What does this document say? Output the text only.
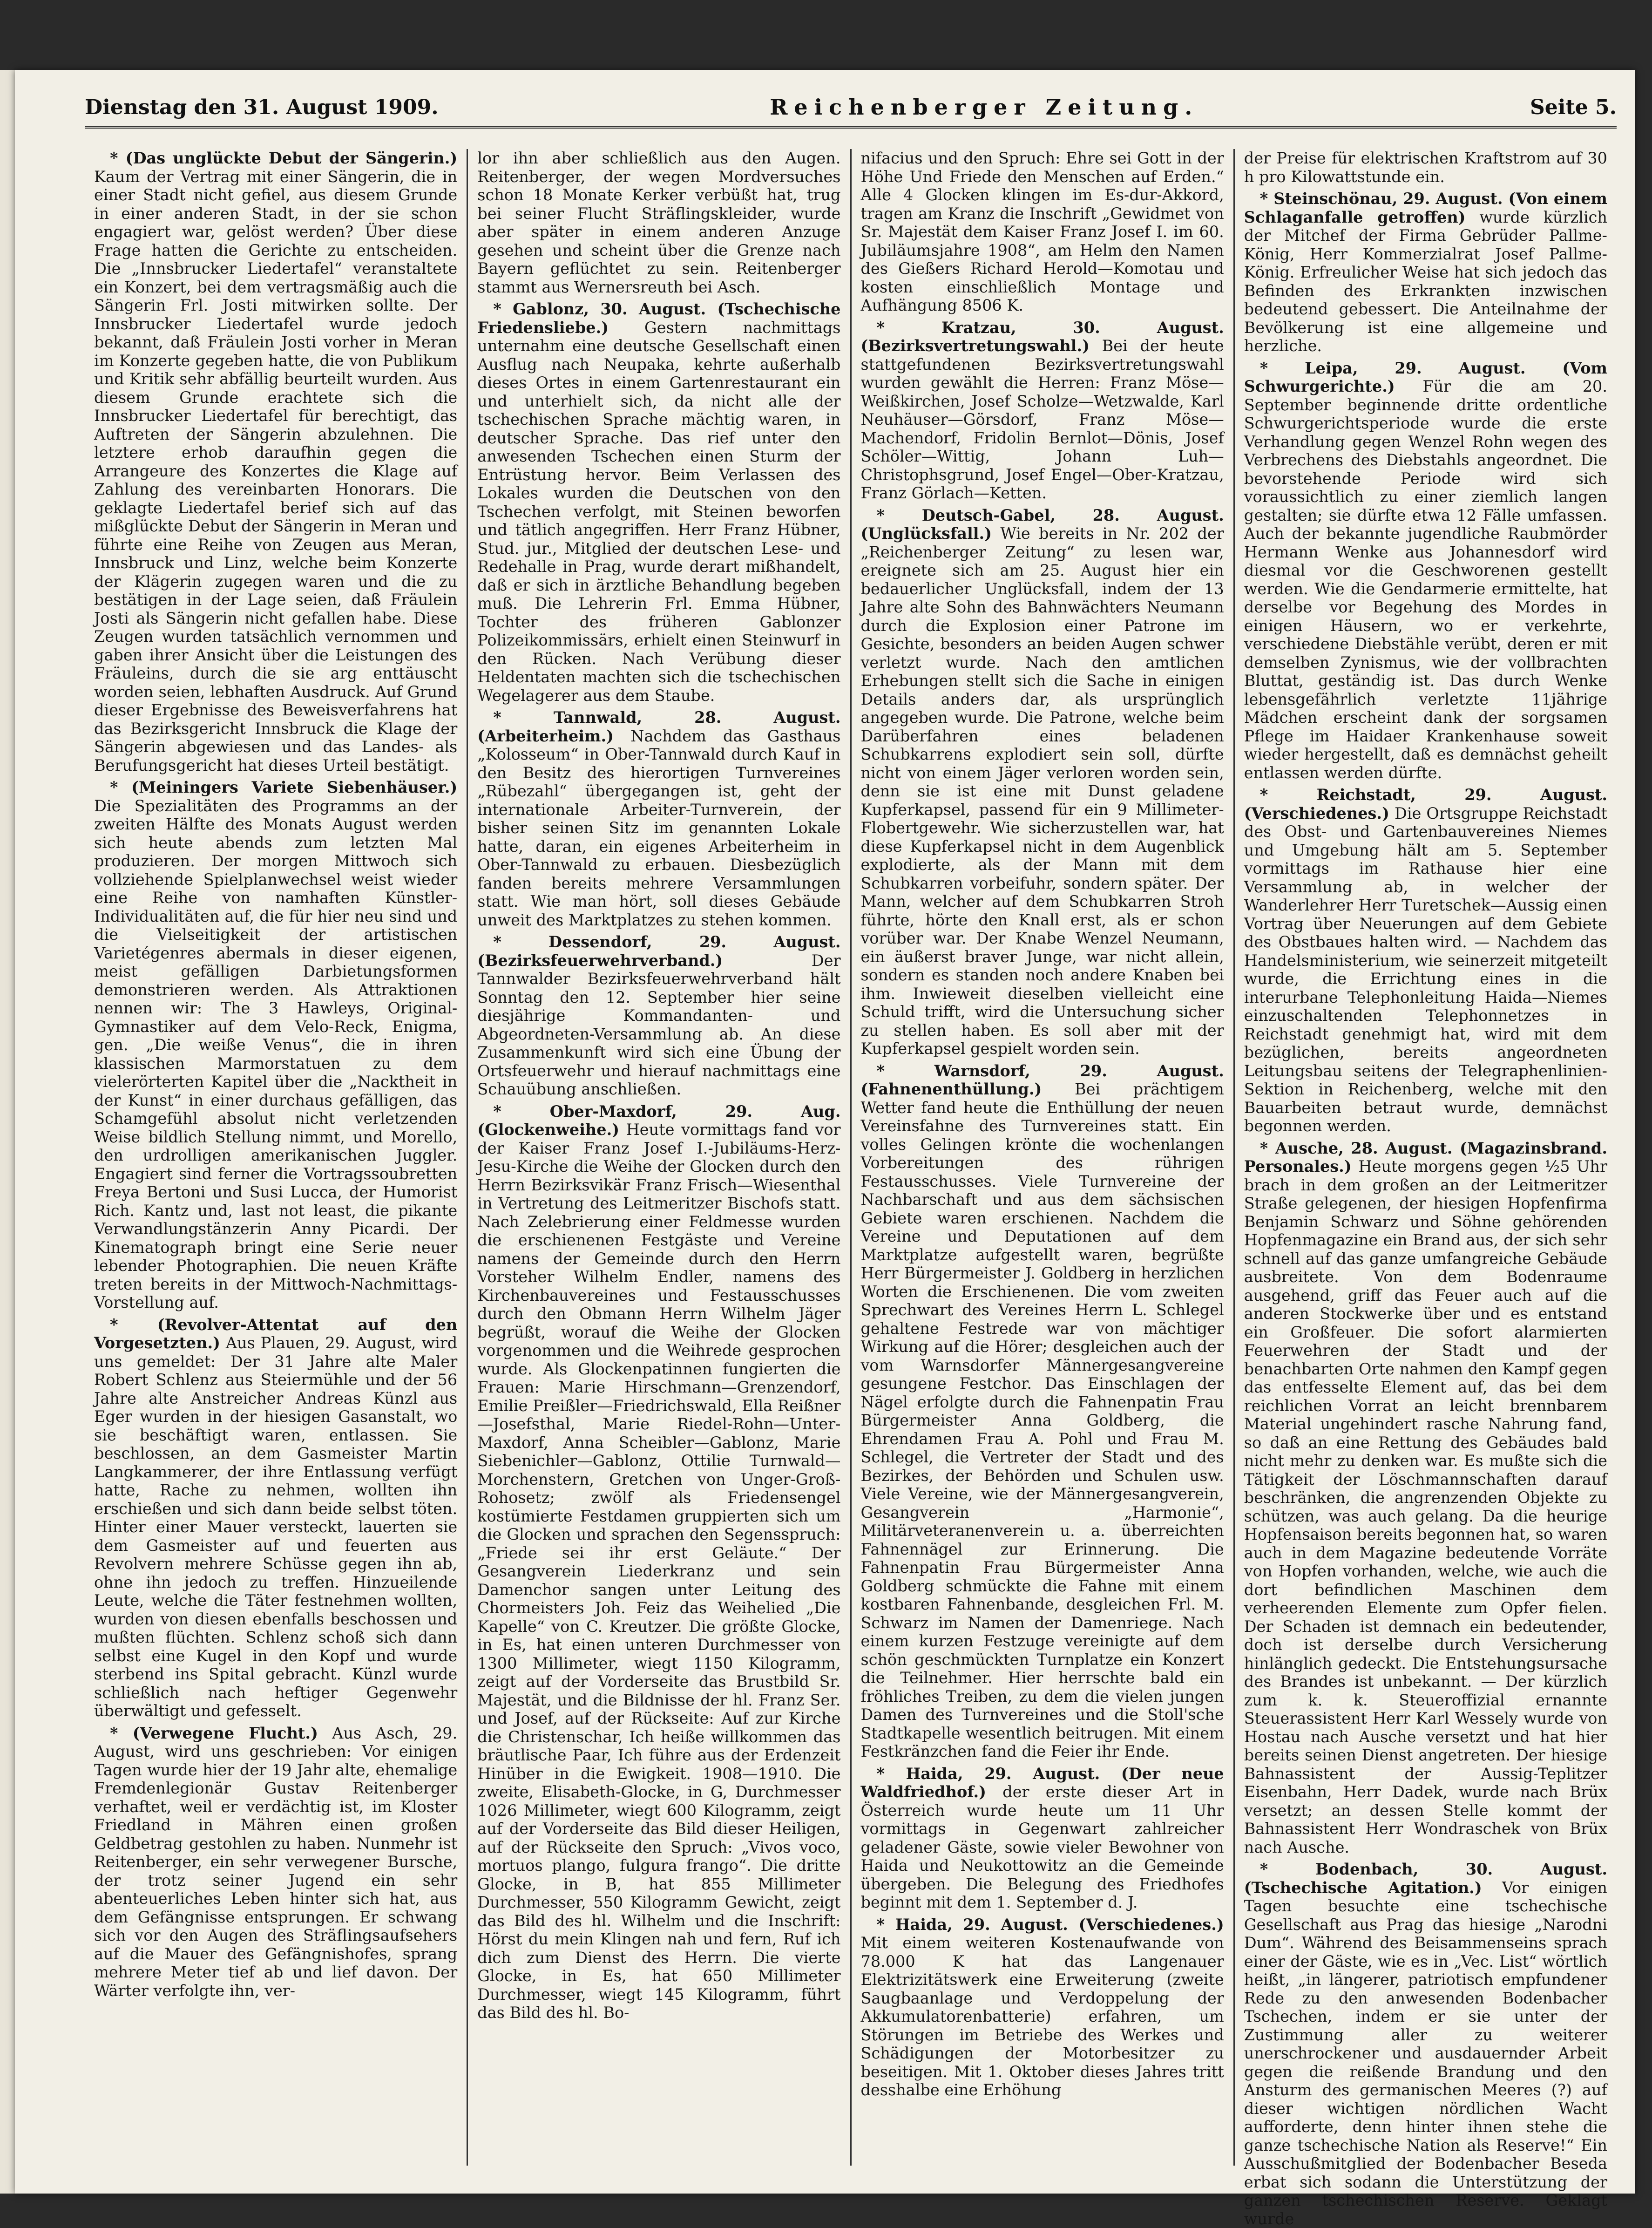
Dienstag den 31. August 1909.	Reichenberger Zeitung.	Seite 5.

* (Das unglückte Debut der Sängerin.) Kaum der Vertrag mit einer Sängerin, die in einer Stadt nicht gefiel, aus diesem Grunde in einer anderen Stadt, in der sie schon engagiert war, gelöst werden? Über diese Frage hatten die Gerichte zu entscheiden. Die „Innsbrucker Liedertafel“ veranstaltete ein Konzert, bei dem vertragsmäßig auch die Sängerin Frl. Josti mitwirken sollte. Der Innsbrucker Liedertafel wurde jedoch bekannt, daß Fräulein Josti vorher in Meran im Konzerte gegeben hatte, die von Publikum und Kritik sehr abfällig beurteilt wurden. Aus diesem Grunde erachtete sich die Innsbrucker Liedertafel für berechtigt, das Auftreten der Sängerin abzulehnen. Die letztere erhob daraufhin gegen die Arrangeure des Konzertes die Klage auf Zahlung des vereinbarten Honorars. Die geklagte Liedertafel berief sich auf das mißglückte Debut der Sängerin in Meran und führte eine Reihe von Zeugen aus Meran, Innsbruck und Linz, welche beim Konzerte der Klägerin zugegen waren und die zu bestätigen in der Lage seien, daß Fräulein Josti als Sängerin nicht gefallen habe. Diese Zeugen wurden tatsächlich vernommen und gaben ihrer Ansicht über die Leistungen des Fräuleins, durch die sie arg enttäuscht worden seien, lebhaften Ausdruck. Auf Grund dieser Ergebnisse des Beweisverfahrens hat das Bezirksgericht Innsbruck die Klage der Sängerin abgewiesen und das Landes- als Berufungsgericht hat dieses Urteil bestätigt.

* (Meiningers Variete Siebenhäuser.) Die Spezialitäten des Programms an der zweiten Hälfte des Monats August werden sich heute abends zum letzten Mal produzieren. Der morgen Mittwoch sich vollziehende Spielplanwechsel weist wieder eine Reihe von namhaften Künstler-Individualitäten auf, die für hier neu sind und die Vielseitigkeit der artistischen Varietégenres abermals in dieser eigenen, meist gefälligen Darbietungsformen demonstrieren werden. Als Attraktionen nennen wir: The 3 Hawleys, Original-Gymnastiker auf dem Velo-Reck, Enigma, gen. „Die weiße Venus“, die in ihren klassischen Marmorstatuen zu dem vielerörterten Kapitel über die „Nacktheit in der Kunst“ in einer durchaus gefälligen, das Schamgefühl absolut nicht verletzenden Weise bildlich Stellung nimmt, und Morello, den urdrolligen amerikanischen Juggler. Engagiert sind ferner die Vortragssoubretten Freya Bertoni und Susi Lucca, der Humorist Rich. Kantz und, last not least, die pikante Verwandlungstänzerin Anny Picardi. Der Kinematograph bringt eine Serie neuer lebender Photographien. Die neuen Kräfte treten bereits in der Mittwoch-Nachmittags-Vorstellung auf.

* (Revolver-Attentat auf den Vorgesetzten.) Aus Plauen, 29. August, wird uns gemeldet: Der 31 Jahre alte Maler Robert Schlenz aus Steiermühle und der 56 Jahre alte Anstreicher Andreas Künzl aus Eger wurden in der hiesigen Gasanstalt, wo sie beschäftigt waren, entlassen. Sie beschlossen, an dem Gasmeister Martin Langkammerer, der ihre Entlassung verfügt hatte, Rache zu nehmen, wollten ihn erschießen und sich dann beide selbst töten. Hinter einer Mauer versteckt, lauerten sie dem Gasmeister auf und feuerten aus Revolvern mehrere Schüsse gegen ihn ab, ohne ihn jedoch zu treffen. Hinzueilende Leute, welche die Täter festnehmen wollten, wurden von diesen ebenfalls beschossen und mußten flüchten. Schlenz schoß sich dann selbst eine Kugel in den Kopf und wurde sterbend ins Spital gebracht. Künzl wurde schließlich nach heftiger Gegenwehr überwältigt und gefesselt.

* (Verwegene Flucht.) Aus Asch, 29. August, wird uns geschrieben: Vor einigen Tagen wurde hier der 19 Jahr alte, ehemalige Fremdenlegionär Gustav Reitenberger verhaftet, weil er verdächtig ist, im Kloster Friedland in Mähren einen großen Geldbetrag gestohlen zu haben. Nunmehr ist Reitenberger, ein sehr verwegener Bursche, der trotz seiner Jugend ein sehr abenteuerliches Leben hinter sich hat, aus dem Gefängnisse entsprungen. Er schwang sich vor den Augen des Sträflingsaufsehers auf die Mauer des Gefängnishofes, sprang mehrere Meter tief ab und lief davon. Der Wärter verfolgte ihn, ver-

lor ihn aber schließlich aus den Augen. Reitenberger, der wegen Mordversuches schon 18 Monate Kerker verbüßt hat, trug bei seiner Flucht Sträflingskleider, wurde aber später in einem anderen Anzuge gesehen und scheint über die Grenze nach Bayern geflüchtet zu sein. Reitenberger stammt aus Wernersreuth bei Asch.

* Gablonz, 30. August. (Tschechische Friedensliebe.) Gestern nachmittags unternahm eine deutsche Gesellschaft einen Ausflug nach Neupaka, kehrte außerhalb dieses Ortes in einem Gartenrestaurant ein und unterhielt sich, da nicht alle der tschechischen Sprache mächtig waren, in deutscher Sprache. Das rief unter den anwesenden Tschechen einen Sturm der Entrüstung hervor. Beim Verlassen des Lokales wurden die Deutschen von den Tschechen verfolgt, mit Steinen beworfen und tätlich angegriffen. Herr Franz Hübner, Stud. jur., Mitglied der deutschen Lese- und Redehalle in Prag, wurde derart mißhandelt, daß er sich in ärztliche Behandlung begeben muß. Die Lehrerin Frl. Emma Hübner, Tochter des früheren Gablonzer Polizeikommissärs, erhielt einen Steinwurf in den Rücken. Nach Verübung dieser Heldentaten machten sich die tschechischen Wegelagerer aus dem Staube.

* Tannwald, 28. August. (Arbeiterheim.) Nachdem das Gasthaus „Kolosseum“ in Ober-Tannwald durch Kauf in den Besitz des hierortigen Turnvereines „Rübezahl“ übergegangen ist, geht der internationale Arbeiter-Turnverein, der bisher seinen Sitz im genannten Lokale hatte, daran, ein eigenes Arbeiterheim in Ober-Tannwald zu erbauen. Diesbezüglich fanden bereits mehrere Versammlungen statt. Wie man hört, soll dieses Gebäude unweit des Marktplatzes zu stehen kommen.

* Dessendorf, 29. August. (Bezirksfeuerwehrverband.)	Der Tannwalder Bezirksfeuerwehrverband hält Sonntag den 12. September hier seine diesjährige Kommandanten- und Abgeordneten-Versammlung ab. An diese Zusammenkunft wird sich eine Übung der Ortsfeuerwehr und hierauf nachmittags eine Schauübung anschließen.

* Ober-Maxdorf, 29. Aug. (Glockenweihe.) Heute vormittags fand vor der Kaiser Franz Josef I.-Jubiläums-Herz-Jesu-Kirche die Weihe der Glocken durch den Herrn Bezirksvikär Franz Frisch—Wiesenthal in Vertretung des Leitmeritzer Bischofs statt. Nach Zelebrierung einer Feldmesse wurden die erschienenen Festgäste und Vereine namens der Gemeinde durch den Herrn Vorsteher Wilhelm Endler, namens des Kirchenbauvereines und Festausschusses durch den Obmann Herrn Wilhelm Jäger begrüßt, worauf die Weihe der Glocken vorgenommen und die Weihrede gesprochen wurde. Als Glockenpatinnen fungierten die Frauen: Marie Hirschmann—Grenzendorf, Emilie Preißler—Friedrichswald, Ella Reißner—Josefsthal, Marie Riedel-Rohn—Unter-Maxdorf, Anna Scheibler—Gablonz, Marie Siebenichler—Gablonz, Ottilie Turnwald—Morchenstern, Gretchen von Unger-Groß-Rohosetz; zwölf als Friedensengel kostümierte Festdamen gruppierten sich um die Glocken und sprachen den Segensspruch: „Friede sei ihr erst Geläute.“ Der Gesangverein Liederkranz und sein Damenchor sangen unter Leitung des Chormeisters Joh. Feiz das Weihelied „Die Kapelle“ von C. Kreutzer. Die größte Glocke, in Es, hat einen unteren Durchmesser von 1300 Millimeter, wiegt 1150 Kilogramm, zeigt auf der Vorderseite das Brustbild Sr. Majestät, und die Bildnisse der hl. Franz Ser. und Josef, auf der Rückseite: Auf zur Kirche die Christenschar, Ich heiße willkommen das bräutlische Paar, Ich führe aus der Erdenzeit Hinüber in die Ewigkeit. 1908—1910. Die zweite, Elisabeth-Glocke, in G, Durchmesser 1026 Millimeter, wiegt 600 Kilogramm, zeigt auf der Vorderseite das Bild dieser Heiligen, auf der Rückseite den Spruch: „Vivos voco, mortuos plango, fulgura frango“. Die dritte Glocke, in B, hat 855 Millimeter Durchmesser, 550 Kilogramm Gewicht, zeigt das Bild des hl. Wilhelm und die Inschrift: Hörst du mein Klingen nah und fern, Ruf ich dich zum Dienst des Herrn. Die vierte Glocke, in Es, hat 650 Millimeter Durchmesser, wiegt 145 Kilogramm, führt das Bild des hl. Bo-

nifacius und den Spruch: Ehre sei Gott in der Höhe Und Friede den Menschen auf Erden.“ Alle 4 Glocken klingen im Es-dur-Akkord, tragen am Kranz die Inschrift „Gewidmet von Sr. Majestät dem Kaiser Franz Josef I. im 60. Jubiläumsjahre 1908“, am Helm den Namen des Gießers Richard Herold—Komotau und kosten einschließlich Montage und Aufhängung 8506 K.

* Kratzau, 30. August. (Bezirksvertretungswahl.) Bei der heute stattgefundenen Bezirksvertretungswahl wurden gewählt die Herren: Franz Möse—Weißkirchen, Josef Scholze—Wetzwalde, Karl Neuhäuser—Görsdorf, Franz Möse—Machendorf, Fridolin Bernlot—Dönis, Josef Schöler—Wittig, Johann Luh—Christophsgrund, Josef Engel—Ober-Kratzau, Franz Görlach—Ketten.

* Deutsch-Gabel, 28. August. (Unglücksfall.) Wie bereits in Nr. 202 der „Reichenberger Zeitung“ zu lesen war, ereignete sich am 25. August hier ein bedauerlicher Unglücksfall, indem der 13 Jahre alte Sohn des Bahnwächters Neumann durch die Explosion einer Patrone im Gesichte, besonders an beiden Augen schwer verletzt wurde. Nach den amtlichen Erhebungen stellt sich die Sache in einigen Details anders dar, als ursprünglich angegeben wurde. Die Patrone, welche beim Darüberfahren eines beladenen Schubkarrens explodiert sein soll, dürfte nicht von einem Jäger verloren worden sein, denn sie ist eine mit Dunst geladene Kupferkapsel, passend für ein 9 Millimeter-Flobertgewehr. Wie sicherzustellen war, hat diese Kupferkapsel nicht in dem Augenblick explodierte, als der Mann mit dem Schubkarren vorbeifuhr, sondern später. Der Mann, welcher auf dem Schubkarren Stroh führte, hörte den Knall erst, als er schon vorüber war. Der Knabe Wenzel Neumann, ein äußerst braver Junge, war nicht allein, sondern es standen noch andere Knaben bei ihm. Inwieweit dieselben vielleicht eine Schuld trifft, wird die Untersuchung sicher zu stellen haben. Es soll aber mit der Kupferkapsel gespielt worden sein.

* Warnsdorf, 29. August. (Fahnenenthüllung.) Bei prächtigem Wetter fand heute die Enthüllung der neuen Vereinsfahne des Turnvereines statt. Ein volles Gelingen krönte die wochenlangen Vorbereitungen des rührigen Festausschusses. Viele Turnvereine der Nachbarschaft und aus dem sächsischen Gebiete waren erschienen. Nachdem die Vereine und Deputationen auf dem Marktplatze aufgestellt waren, begrüßte Herr Bürgermeister J. Goldberg in herzlichen Worten die Erschienenen. Die vom zweiten Sprechwart des Vereines Herrn L. Schlegel gehaltene Festrede war von mächtiger Wirkung auf die Hörer; desgleichen auch der vom Warnsdorfer Männergesangvereine gesungene Festchor. Das Einschlagen der Nägel erfolgte durch die Fahnenpatin Frau Bürgermeister Anna Goldberg, die Ehrendamen Frau A. Pohl und Frau M. Schlegel, die Vertreter der Stadt und des Bezirkes, der Behörden und Schulen usw. Viele Vereine, wie der Männergesangverein, Gesangverein „Harmonie“, Militärveteranenverein u. a. überreichten Fahnennägel zur Erinnerung. Die Fahnenpatin Frau Bürgermeister Anna Goldberg schmückte die Fahne mit einem kostbaren Fahnenbande, desgleichen Frl. M. Schwarz im Namen der Damenriege. Nach einem kurzen Festzuge vereinigte auf dem schön geschmückten Turnplatze ein Konzert die Teilnehmer. Hier herrschte bald ein fröhliches Treiben, zu dem die vielen jungen Damen des Turnvereines und die Stoll'sche Stadtkapelle wesentlich beitrugen. Mit einem Festkränzchen fand die Feier ihr Ende.

* Haida, 29. August. (Der neue Waldfriedhof.) der erste dieser Art in Österreich wurde heute um 11 Uhr vormittags in Gegenwart zahlreicher geladener Gäste, sowie vieler Bewohner von Haida und Neukottowitz an die Gemeinde übergeben. Die Belegung des Friedhofes beginnt mit dem 1. September d. J.

* Haida, 29. August. (Verschiedenes.) Mit einem weiteren Kostenaufwande von 78.000 K hat das Langenauer Elektrizitätswerk eine Erweiterung (zweite Saugbaanlage und Verdoppelung der Akkumulatorenbatterie) erfahren, um Störungen im Betriebe des Werkes und Schädigungen der Motorbesitzer zu beseitigen. Mit 1. Oktober dieses Jahres tritt desshalbe eine Erhöhung

der Preise für elektrischen Kraftstrom auf 30 h pro Kilowattstunde ein.

* Steinschönau, 29. August. (Von einem Schlaganfalle getroffen) wurde kürzlich der Mitchef der Firma Gebrüder Pallme-König, Herr Kommerzialrat Josef Pallme-König. Erfreulicher Weise hat sich jedoch das Befinden des Erkrankten inzwischen bedeutend gebessert. Die Anteilnahme der Bevölkerung ist eine allgemeine und herzliche.

* Leipa, 29. August. (Vom Schwurgerichte.) Für die am 20. September beginnende dritte ordentliche Schwurgerichtsperiode wurde die erste Verhandlung gegen Wenzel Rohn wegen des Verbrechens des Diebstahls angeordnet. Die bevorstehende Periode wird sich voraussichtlich zu einer ziemlich langen gestalten; sie dürfte etwa 12 Fälle umfassen. Auch der bekannte jugendliche Raubmörder Hermann Wenke aus Johannesdorf wird diesmal vor die Geschworenen gestellt werden. Wie die Gendarmerie ermittelte, hat derselbe vor Begehung des Mordes in einigen Häusern, wo er verkehrte, verschiedene Diebstähle verübt, deren er mit demselben Zynismus, wie der vollbrachten Bluttat, geständig ist. Das durch Wenke lebensgefährlich verletzte 11jährige Mädchen erscheint dank der sorgsamen Pflege im Haidaer Krankenhause soweit wieder hergestellt, daß es demnächst geheilt entlassen werden dürfte.

* Reichstadt, 29. August. (Verschiedenes.) Die Ortsgruppe Reichstadt des Obst- und Gartenbauvereines Niemes und Umgebung hält am 5. September vormittags im Rathause hier eine Versammlung ab, in welcher der Wanderlehrer Herr Turetschek—Aussig einen Vortrag über Neuerungen auf dem Gebiete des Obstbaues halten wird. — Nachdem das Handelsministerium, wie seinerzeit mitgeteilt wurde, die Errichtung eines in die interurbane Telephonleitung Haida—Niemes einzuschaltenden Telephonnetzes in Reichstadt genehmigt hat, wird mit dem bezüglichen, bereits angeordneten Leitungsbau seitens der Telegraphenlinien-Sektion in Reichenberg, welche mit den Bauarbeiten betraut wurde, demnächst begonnen werden.

* Ausche, 28. August. (Magazinsbrand. Personales.) Heute morgens gegen ½5 Uhr brach in dem großen an der Leitmeritzer Straße gelegenen, der hiesigen Hopfenfirma Benjamin Schwarz und Söhne gehörenden Hopfenmagazine ein Brand aus, der sich sehr schnell auf das ganze umfangreiche Gebäude ausbreitete. Von dem Bodenraume ausgehend, griff das Feuer auch auf die anderen Stockwerke über und es entstand ein Großfeuer. Die sofort alarmierten Feuerwehren der Stadt und der benachbarten Orte nahmen den Kampf gegen das entfesselte Element auf, das bei dem reichlichen Vorrat an leicht brennbarem Material ungehindert rasche Nahrung fand, so daß an eine Rettung des Gebäudes bald nicht mehr zu denken war. Es mußte sich die Tätigkeit der Löschmannschaften darauf beschränken, die angrenzenden Objekte zu schützen, was auch gelang. Da die heurige Hopfensaison bereits begonnen hat, so waren auch in dem Magazine bedeutende Vorräte von Hopfen vorhanden, welche, wie auch die dort befindlichen Maschinen dem verheerenden Elemente zum Opfer fielen. Der Schaden ist demnach ein bedeutender, doch ist derselbe durch Versicherung hinlänglich gedeckt. Die Entstehungsursache des Brandes ist unbekannt. — Der kürzlich zum k. k. Steueroffizial ernannte Steuerassistent Herr Karl Wessely wurde von Hostau nach Ausche versetzt und hat hier bereits seinen Dienst angetreten. Der hiesige Bahnassistent der Aussig-Teplitzer Eisenbahn, Herr Dadek, wurde nach Brüx versetzt; an dessen Stelle kommt der Bahnassistent Herr Wondraschek von Brüx nach Ausche.

* Bodenbach, 30. August. (Tschechische Agitation.) Vor einigen Tagen besuchte eine tschechische Gesellschaft aus Prag das hiesige „Narodni Dum“. Während des Beisammenseins sprach einer der Gäste, wie es in „Vec. List“ wörtlich heißt, „in längerer, patriotisch empfundener Rede zu den anwesenden Bodenbacher Tschechen, indem er sie unter der Zustimmung aller zu weiterer unerschrockener und ausdauernder Arbeit gegen die reißende Brandung und den Ansturm des germanischen Meeres (?) auf dieser wichtigen nördlichen Wacht aufforderte, denn hinter ihnen stehe die ganze tschechische Nation als Reserve!“ Ein Ausschußmitglied der Bodenbacher Beseda erbat sich sodann die Unterstützung der ganzen tschechischen Reserve. Geklagt wurde
